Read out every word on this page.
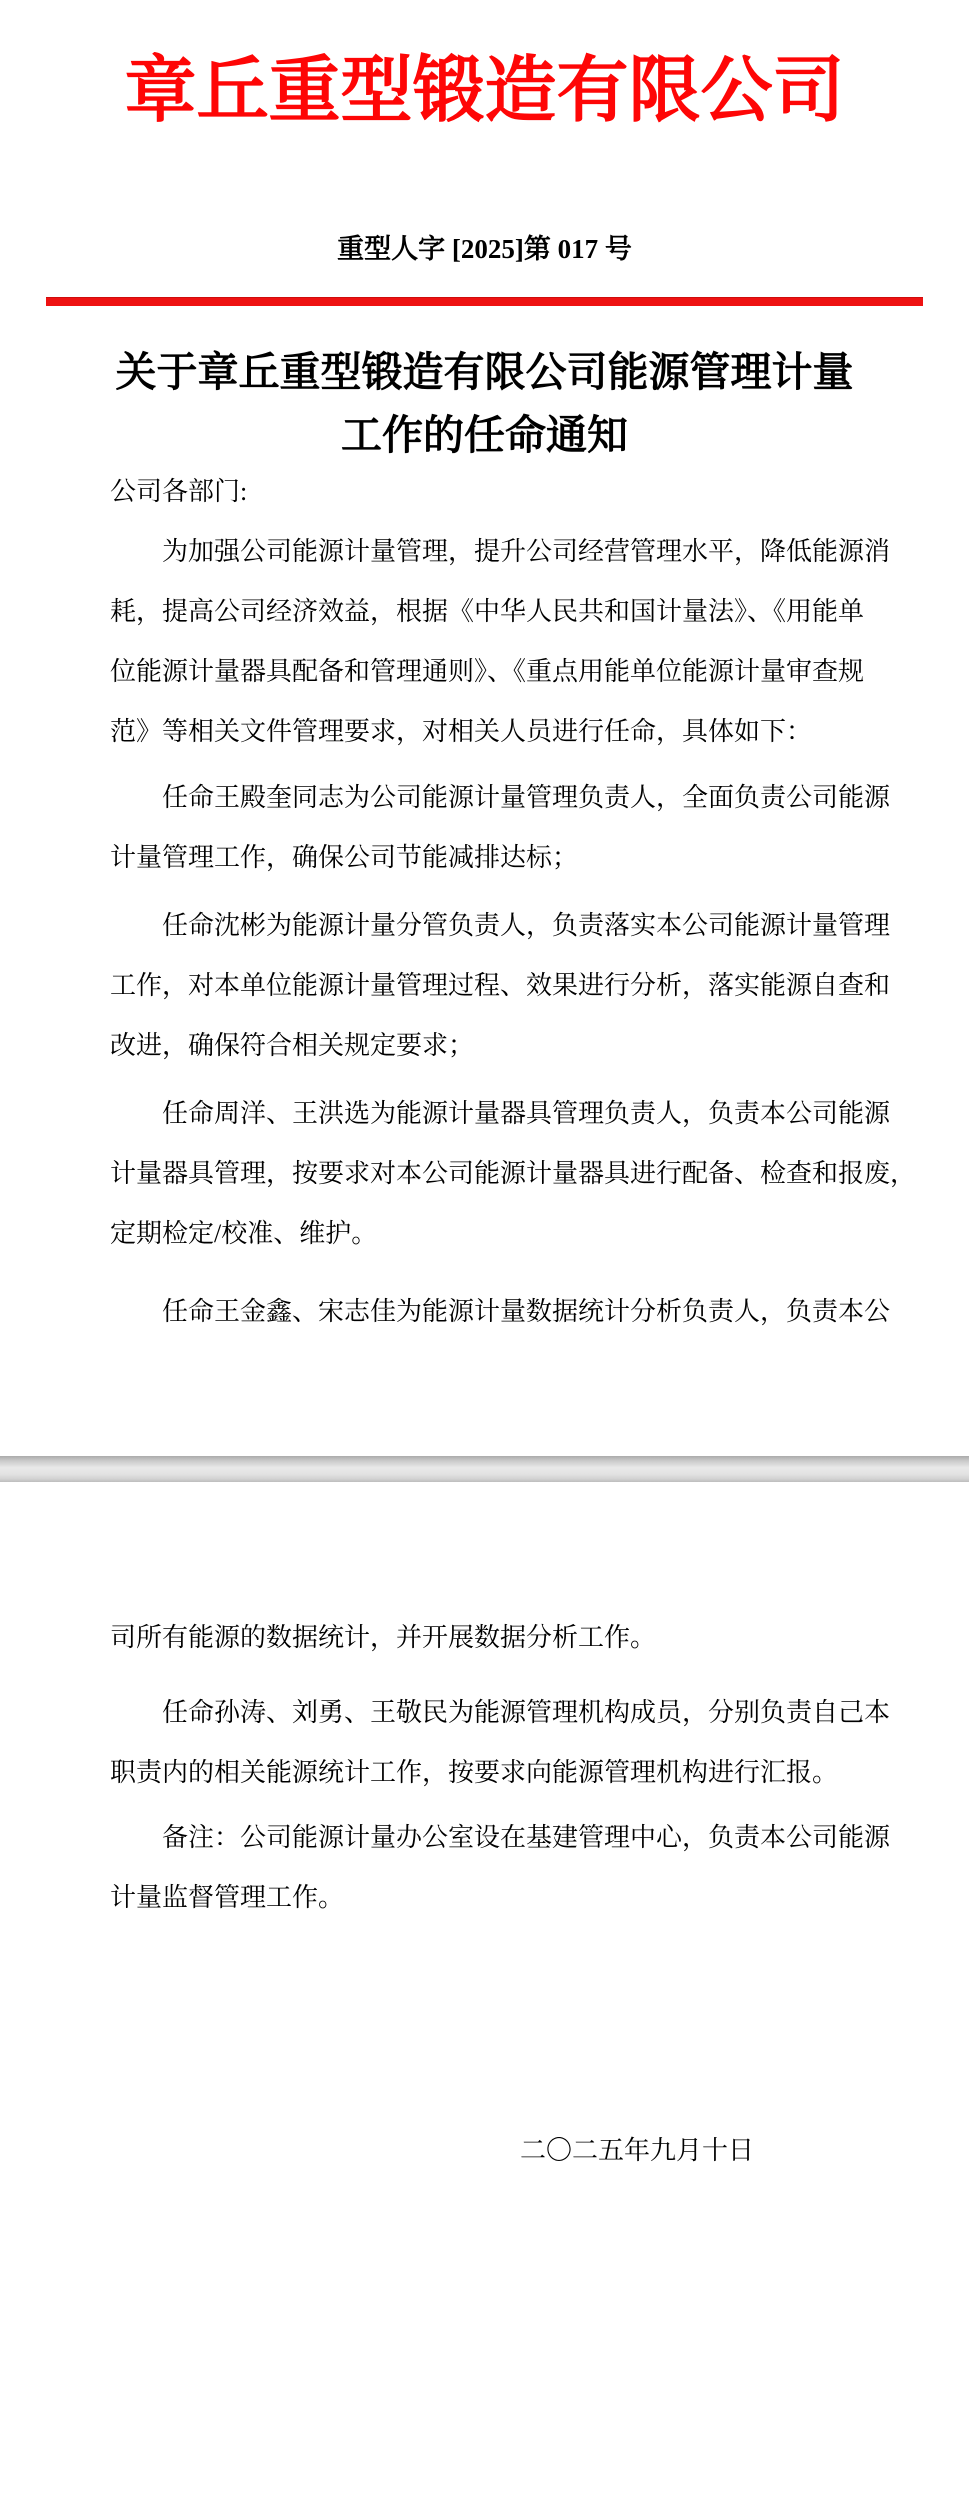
章丘重型锻造有限公司
重型人字 [2025]第 017 号
关于章丘重型锻造有限公司能源管理计量
工作的任命通知
公司各部门:
为加强公司能源计量管理，提升公司经营管理水平，降低能源消
耗，提高公司经济效益，根据《中华人民共和国计量法》、《用能单
位能源计量器具配备和管理通则》、《重点用能单位能源计量审查规
范》等相关文件管理要求，对相关人员进行任命，具体如下：
任命王殿奎同志为公司能源计量管理负责人，全面负责公司能源
计量管理工作，确保公司节能减排达标；
任命沈彬为能源计量分管负责人，负责落实本公司能源计量管理
工作，对本单位能源计量管理过程、效果进行分析，落实能源自查和
改进，确保符合相关规定要求；
任命周洋、王洪选为能源计量器具管理负责人，负责本公司能源
计量器具管理，按要求对本公司能源计量器具进行配备、检查和报废，
定期检定/校准、维护。
任命王金鑫、宋志佳为能源计量数据统计分析负责人，负责本公
司所有能源的数据统计，并开展数据分析工作。
任命孙涛、刘勇、王敬民为能源管理机构成员，分别负责自己本
职责内的相关能源统计工作，按要求向能源管理机构进行汇报。
备注：公司能源计量办公室设在基建管理中心，负责本公司能源
计量监督管理工作。
二〇二五年九月十日
